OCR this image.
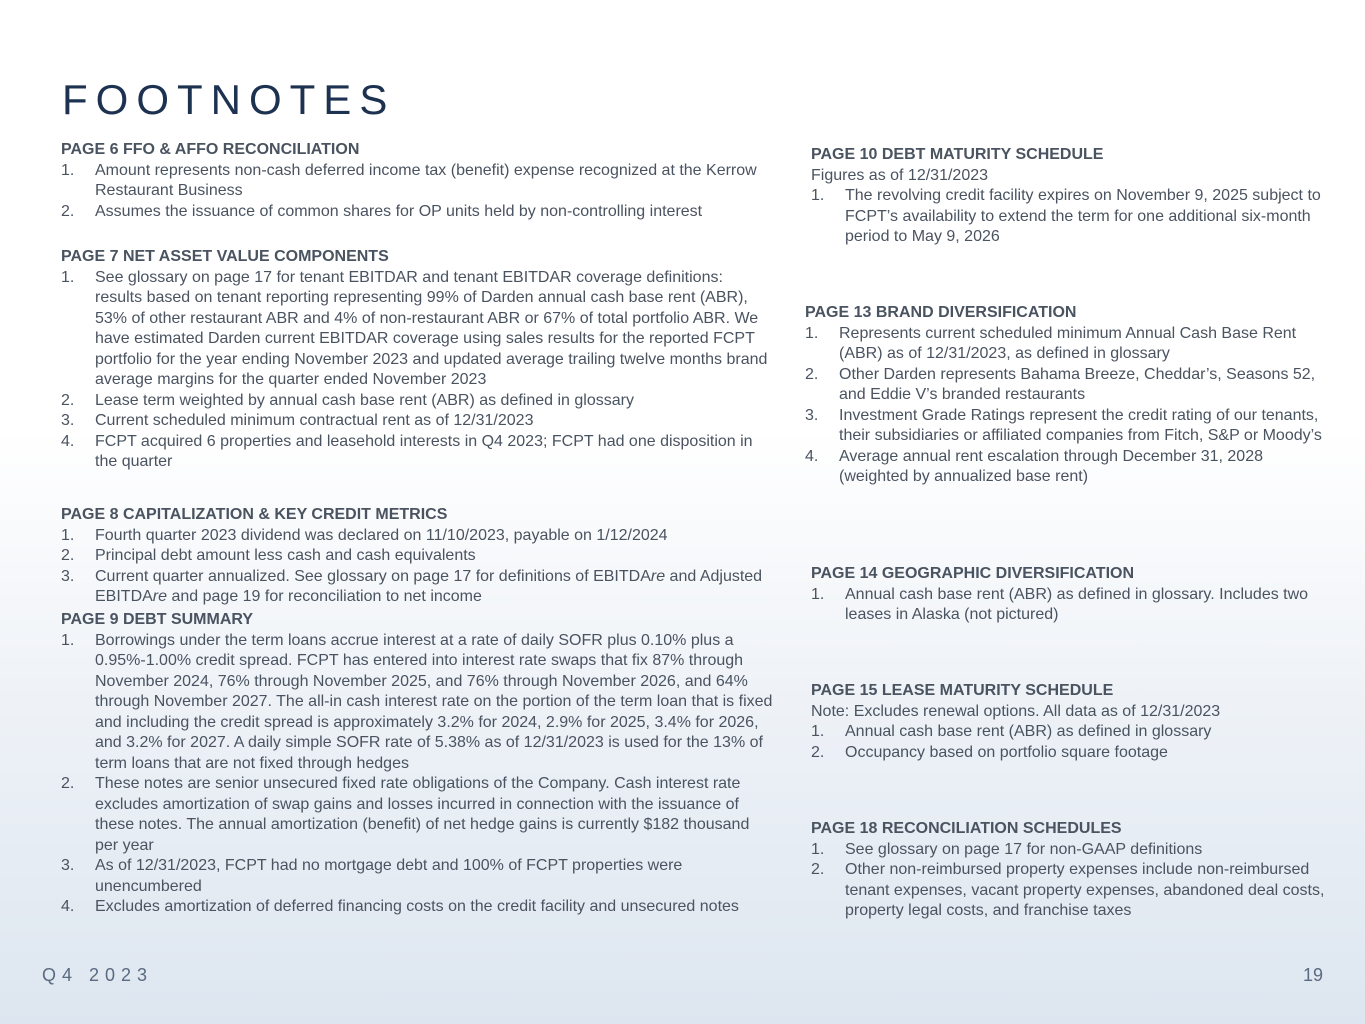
FOOTNOTES
PAGE 6 FFO & AFFO RECONCILIATION
1. Amount represents non-cash deferred income tax (benefit) expense recognized at the Kerrow Restaurant Business
2. Assumes the issuance of common shares for OP units held by non-controlling interest
PAGE 7 NET ASSET VALUE COMPONENTS
1. See glossary on page 17 for tenant EBITDAR and tenant EBITDAR coverage definitions: results based on tenant reporting representing 99% of Darden annual cash base rent (ABR), 53% of other restaurant ABR and 4% of non-restaurant ABR or 67% of total portfolio ABR. We have estimated Darden current EBITDAR coverage using sales results for the reported FCPT portfolio for the year ending November 2023 and updated average trailing twelve months brand average margins for the quarter ended November 2023
2. Lease term weighted by annual cash base rent (ABR) as defined in glossary
3. Current scheduled minimum contractual rent as of 12/31/2023
4. FCPT acquired 6 properties and leasehold interests in Q4 2023; FCPT had one disposition in the quarter
PAGE 8 CAPITALIZATION & KEY CREDIT METRICS
1. Fourth quarter 2023 dividend was declared on 11/10/2023, payable on 1/12/2024
2. Principal debt amount less cash and cash equivalents
3. Current quarter annualized. See glossary on page 17 for definitions of EBITDAre and Adjusted EBITDAre and page 19 for reconciliation to net income
PAGE 9 DEBT SUMMARY
1. Borrowings under the term loans accrue interest at a rate of daily SOFR plus 0.10% plus a 0.95%-1.00% credit spread. FCPT has entered into interest rate swaps that fix 87% through November 2024, 76% through November 2025, and 76% through November 2026, and 64% through November 2027. The all-in cash interest rate on the portion of the term loan that is fixed and including the credit spread is approximately 3.2% for 2024, 2.9% for 2025, 3.4% for 2026, and 3.2% for 2027. A daily simple SOFR rate of 5.38% as of 12/31/2023 is used for the 13% of term loans that are not fixed through hedges
2. These notes are senior unsecured fixed rate obligations of the Company. Cash interest rate excludes amortization of swap gains and losses incurred in connection with the issuance of these notes. The annual amortization (benefit) of net hedge gains is currently $182 thousand per year
3. As of 12/31/2023, FCPT had no mortgage debt and 100% of FCPT properties were unencumbered
4. Excludes amortization of deferred financing costs on the credit facility and unsecured notes
PAGE 10 DEBT MATURITY SCHEDULE
Figures as of 12/31/2023
1. The revolving credit facility expires on November 9, 2025 subject to FCPT’s availability to extend the term for one additional six-month period to May 9, 2026
PAGE 13 BRAND DIVERSIFICATION
1. Represents current scheduled minimum Annual Cash Base Rent (ABR) as of 12/31/2023, as defined in glossary
2. Other Darden represents Bahama Breeze, Cheddar’s, Seasons 52, and Eddie V’s branded restaurants
3. Investment Grade Ratings represent the credit rating of our tenants, their subsidiaries or affiliated companies from Fitch, S&P or Moody’s
4. Average annual rent escalation through December 31, 2028 (weighted by annualized base rent)
PAGE 14 GEOGRAPHIC DIVERSIFICATION
1. Annual cash base rent (ABR) as defined in glossary. Includes two leases in Alaska (not pictured)
PAGE 15 LEASE MATURITY SCHEDULE
Note: Excludes renewal options. All data as of 12/31/2023
1. Annual cash base rent (ABR) as defined in glossary
2. Occupancy based on portfolio square footage
PAGE 18 RECONCILIATION SCHEDULES
1. See glossary on page 17 for non-GAAP definitions
2. Other non-reimbursed property expenses include non-reimbursed tenant expenses, vacant property expenses, abandoned deal costs, property legal costs, and franchise taxes
Q4 2023	19
